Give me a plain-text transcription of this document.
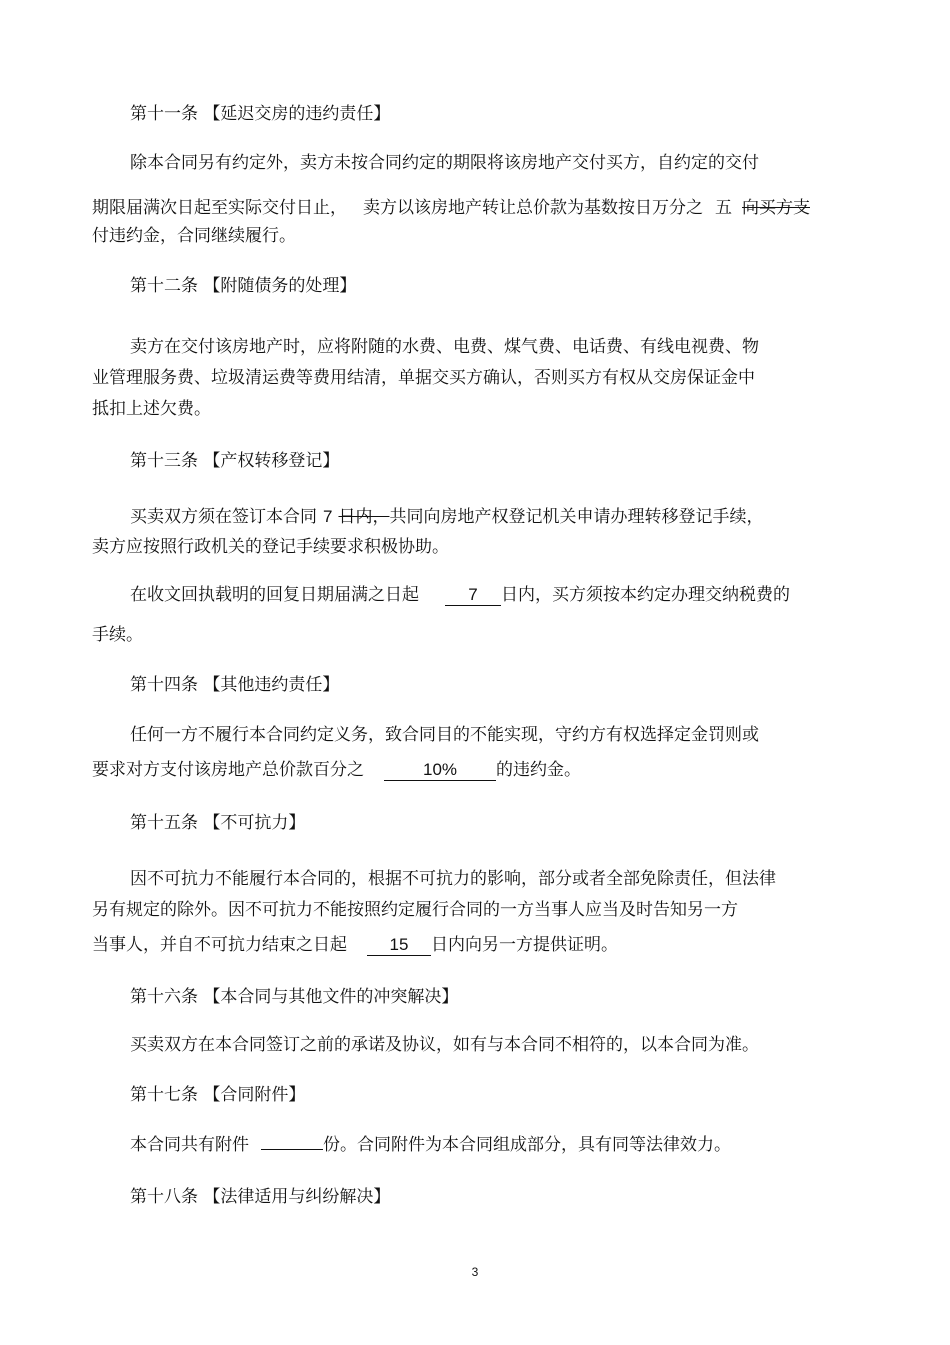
第十一条 【延迟交房的违约责任】
除本合同另有约定外，卖方未按合同约定的期限将该房地产交付买方，自约定的交付
期限届满次日起至实际交付日止， 卖方以该房地产转让总价款为基数按日万分之 五 向买方支
付违约金，合同继续履行。
第十二条 【附随债务的处理】
卖方在交付该房地产时，应将附随的水费、电费、煤气费、电话费、有线电视费、物
业管理服务费、垃圾清运费等费用结清，单据交买方确认，否则买方有权从交房保证金中
抵扣上述欠费。
第十三条 【产权转移登记】
买卖双方须在签订本合同 7 日内，共同向房地产权登记机关申请办理转移登记手续，
卖方应按照行政机关的登记手续要求积极协助。
在收文回执载明的回复日期届满之日起	7 日内，买方须按本约定办理交纳税费的
手续。
第十四条 【其他违约责任】
任何一方不履行本合同约定义务，致合同目的不能实现，守约方有权选择定金罚则或
要求对方支付该房地产总价款百分之	10% 的违约金。
第十五条 【不可抗力】
因不可抗力不能履行本合同的，根据不可抗力的影响，部分或者全部免除责任，但法律
另有规定的除外。因不可抗力不能按照约定履行合同的一方当事人应当及时告知另一方
当事人，并自不可抗力结束之日起	15 日内向另一方提供证明。
第十六条 【本合同与其他文件的冲突解决】
买卖双方在本合同签订之前的承诺及协议，如有与本合同不相符的，以本合同为准。
第十七条 【合同附件】
本合同共有附件	份。合同附件为本合同组成部分，具有同等法律效力。
第十八条 【法律适用与纠纷解决】
3
